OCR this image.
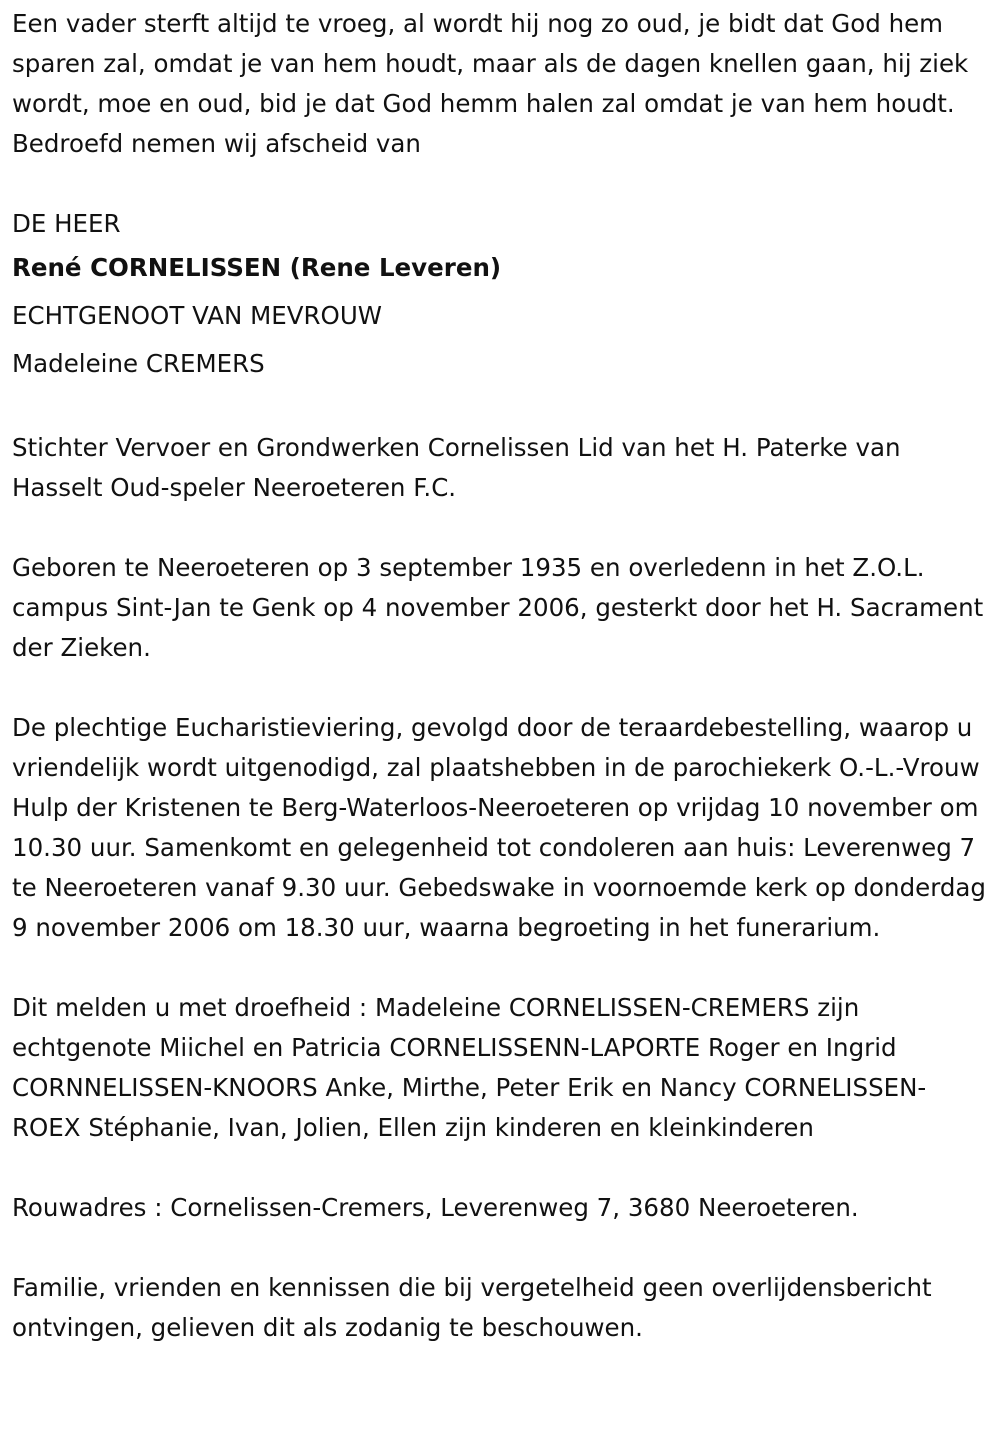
Een vader sterft altijd te vroeg, al wordt hij nog zo oud, je bidt dat God hem sparen zal, omdat je van hem houdt, maar als de dagen knellen gaan, hij ziek wordt, moe en oud, bid je dat God hemm halen zal omdat je van hem houdt. Bedroefd nemen wij afscheid van

DE HEER

René CORNELISSEN (Rene Leveren)

ECHTGENOOT VAN MEVROUW

Madeleine CREMERS

Stichter Vervoer en Grondwerken Cornelissen Lid van het H. Paterke van Hasselt Oud-speler Neeroeteren F.C.

Geboren te Neeroeteren op 3 september 1935 en overledenn in het Z.O.L. campus Sint-Jan te Genk op 4 november 2006, gesterkt door het H. Sacrament der Zieken.

De plechtige Eucharistieviering, gevolgd door de teraardebestelling, waarop u vriendelijk wordt uitgenodigd, zal plaatshebben in de parochiekerk O.-L.-Vrouw Hulp der Kristenen te Berg-Waterloos-Neeroeteren op vrijdag 10 november om 10.30 uur. Samenkomt en gelegenheid tot condoleren aan huis: Leverenweg 7 te Neeroeteren vanaf 9.30 uur. Gebedswake in voornoemde kerk op donderdag 9 november 2006 om 18.30 uur, waarna begroeting in het funerarium.

Dit melden u met droefheid : Madeleine CORNELISSEN-CREMERS zijn echtgenote Miichel en Patricia CORNELISSENN-LAPORTE Roger en Ingrid CORNNELISSEN-KNOORS Anke, Mirthe, Peter Erik en Nancy CORNELISSEN-ROEX Stéphanie, Ivan, Jolien, Ellen zijn kinderen en kleinkinderen

Rouwadres : Cornelissen-Cremers, Leverenweg 7, 3680 Neeroeteren.

Familie, vrienden en kennissen die bij vergetelheid geen overlijdensbericht ontvingen, gelieven dit als zodanig te beschouwen.
